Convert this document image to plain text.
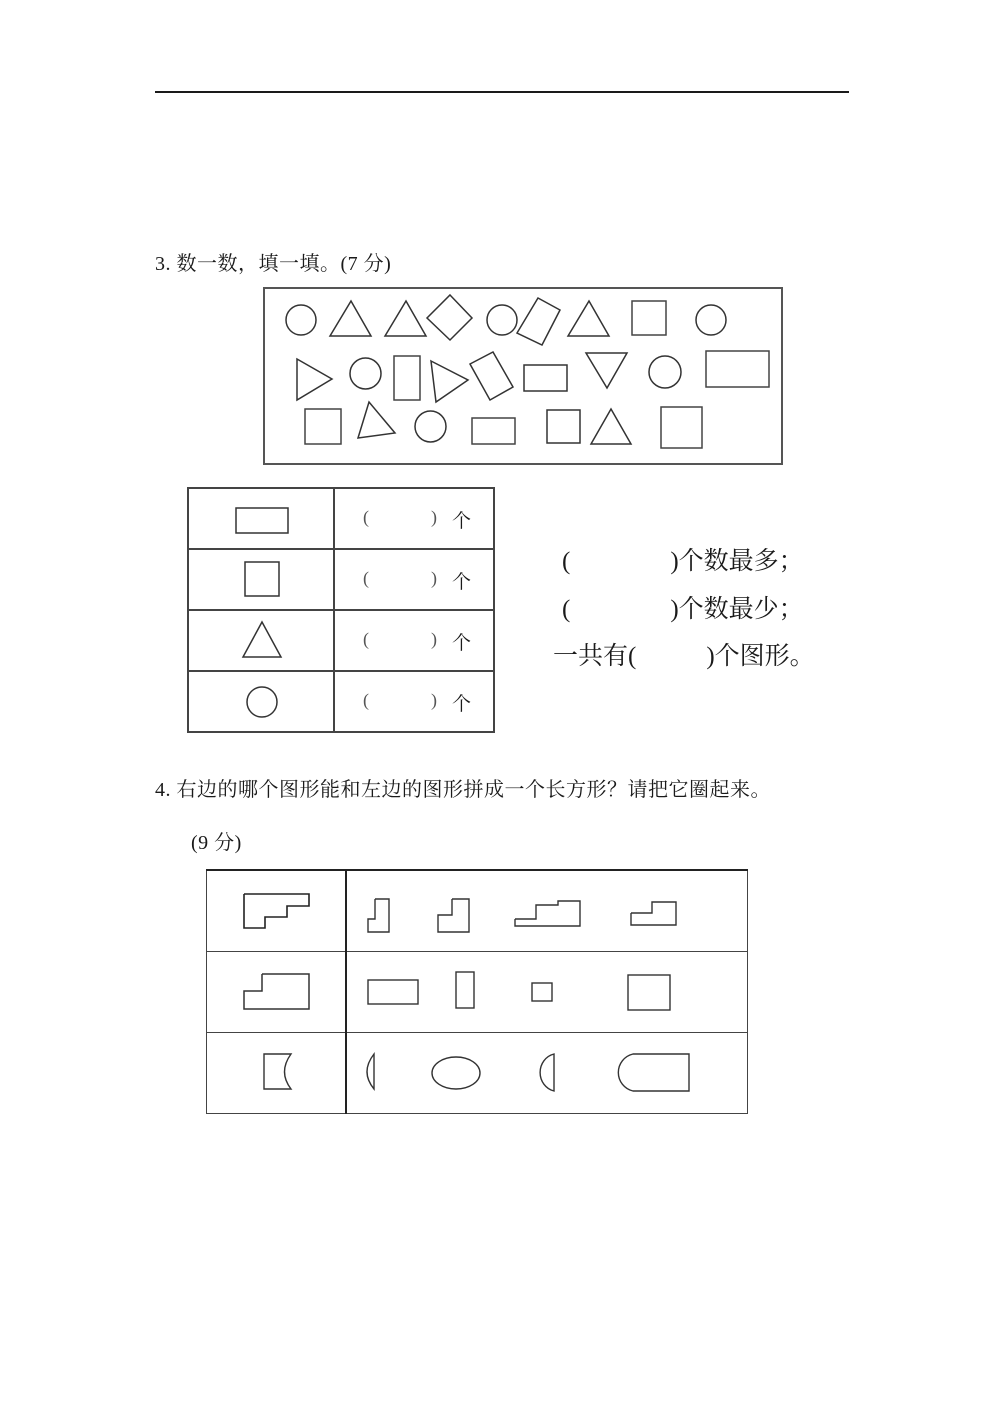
3. 数一数，填一填。(7 分)

( ) 个

( ) 个

( ) 个

( ) 个
(	)个数最多；
(	)个数最少；
一共有(	)个图形。
4. 右边的哪个图形能和左边的图形拼成一个长方形？请把它圈起来。
(9 分)
